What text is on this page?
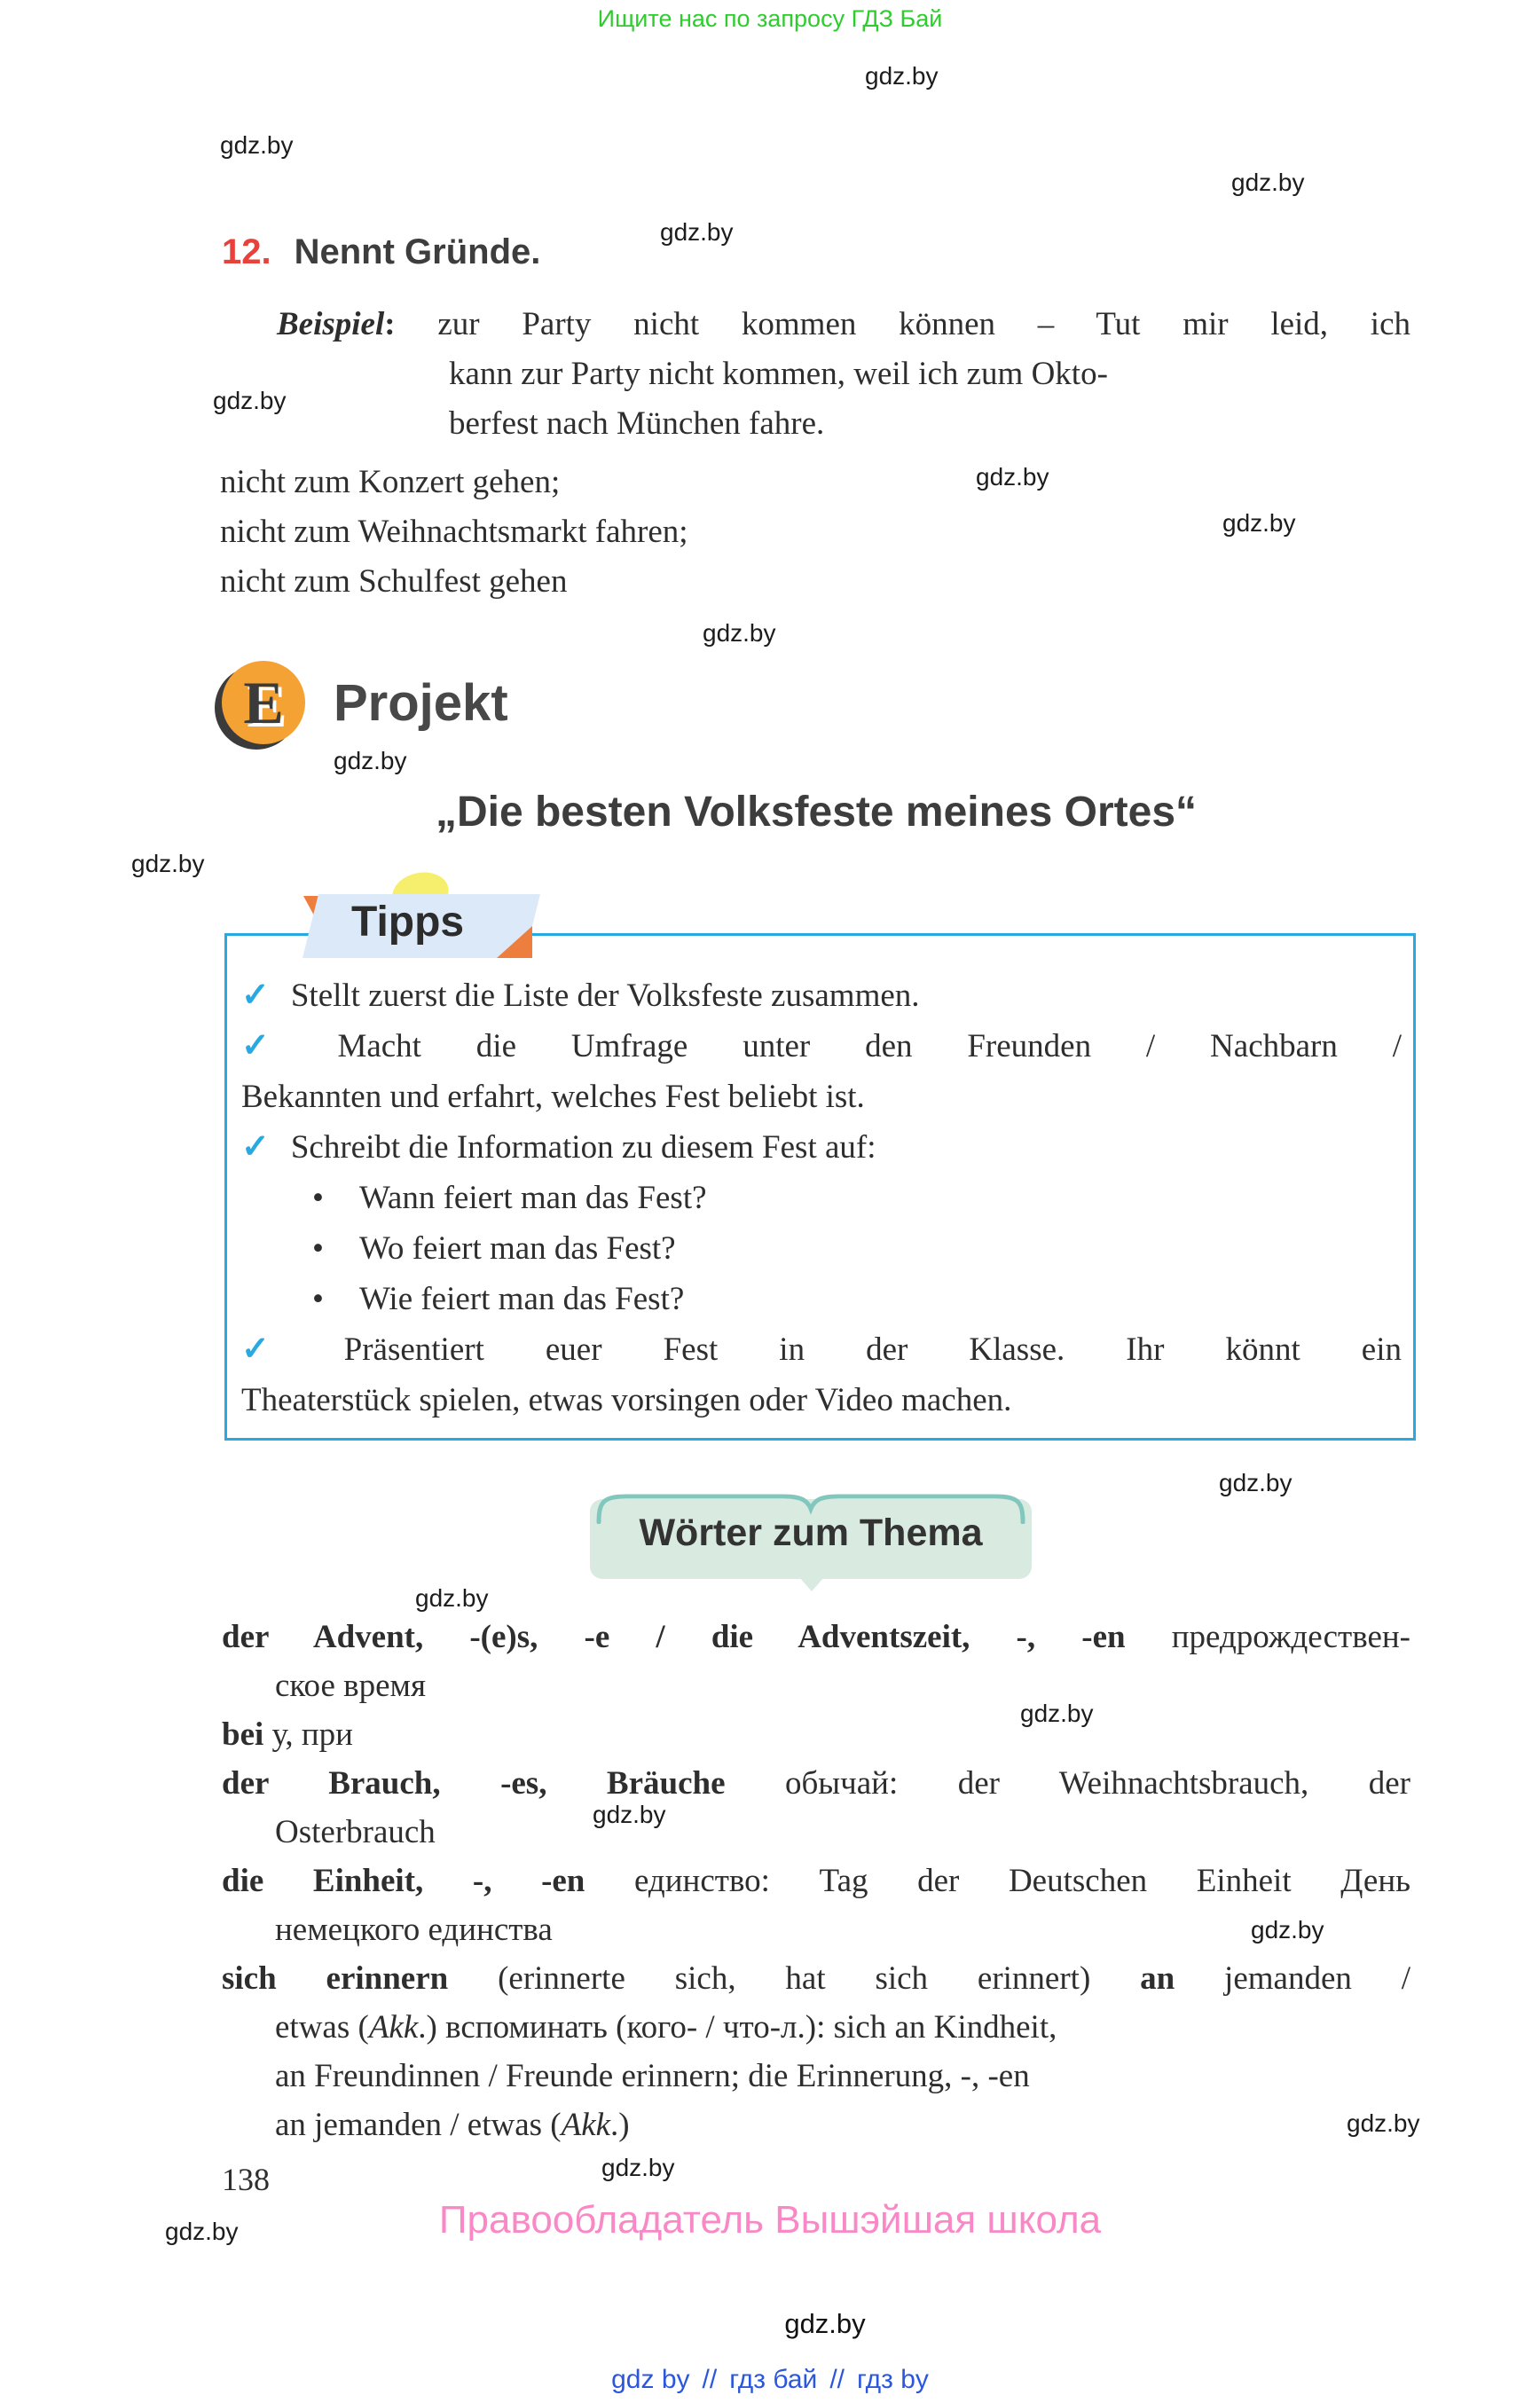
Ищите нас по запросу ГДЗ Бай
gdz.by
gdz.by
gdz.by
gdz.by
gdz.by
gdz.by
gdz.by
gdz.by
gdz.by
gdz.by
gdz.by
gdz.by
gdz.by
gdz.by
gdz.by
gdz.by
gdz.by
gdz.by
12. Nennt Gründe.
Beispiel: zur Party nicht kommen können – Tut mir leid, ich
kann zur Party nicht kommen, weil ich zum Okto-
berfest nach München fahre.
nicht zum Konzert gehen;
nicht zum Weihnachtsmarkt fahren;
nicht zum Schulfest gehen
E Projekt
„Die besten Volksfeste meines Ortes“
Tipps
✓ Stellt zuerst die Liste der Volksfeste zusammen.
✓ Macht die Umfrage unter den Freunden / Nachbarn /
Bekannten und erfahrt, welches Fest beliebt ist.
✓ Schreibt die Information zu diesem Fest auf:
• Wann feiert man das Fest?
• Wo feiert man das Fest?
• Wie feiert man das Fest?
✓ Präsentiert euer Fest in der Klasse. Ihr könnt ein
Theaterstück spielen, etwas vorsingen oder Video machen.
Wörter zum Thema
der Advent, -(e)s, -e / die Adventszeit, -, -en предрождествен-
ское время
bei у, при
der Brauch, -es, Bräuche обычай: der Weihnachtsbrauch, der
Osterbrauch
die Einheit, -, -en единство: Tag der Deutschen Einheit День
немецкого единства
sich erinnern (erinnerte sich, hat sich erinnert) an jemanden /
etwas (Akk.) вспоминать (кого- / что-л.): sich an Kindheit,
an Freundinnen / Freunde erinnern; die Erinnerung, -, -en
an jemanden / etwas (Akk.)
138
Правообладатель Вышэйшая школа
gdz.by
gdz by // гдз бай // гдз by
